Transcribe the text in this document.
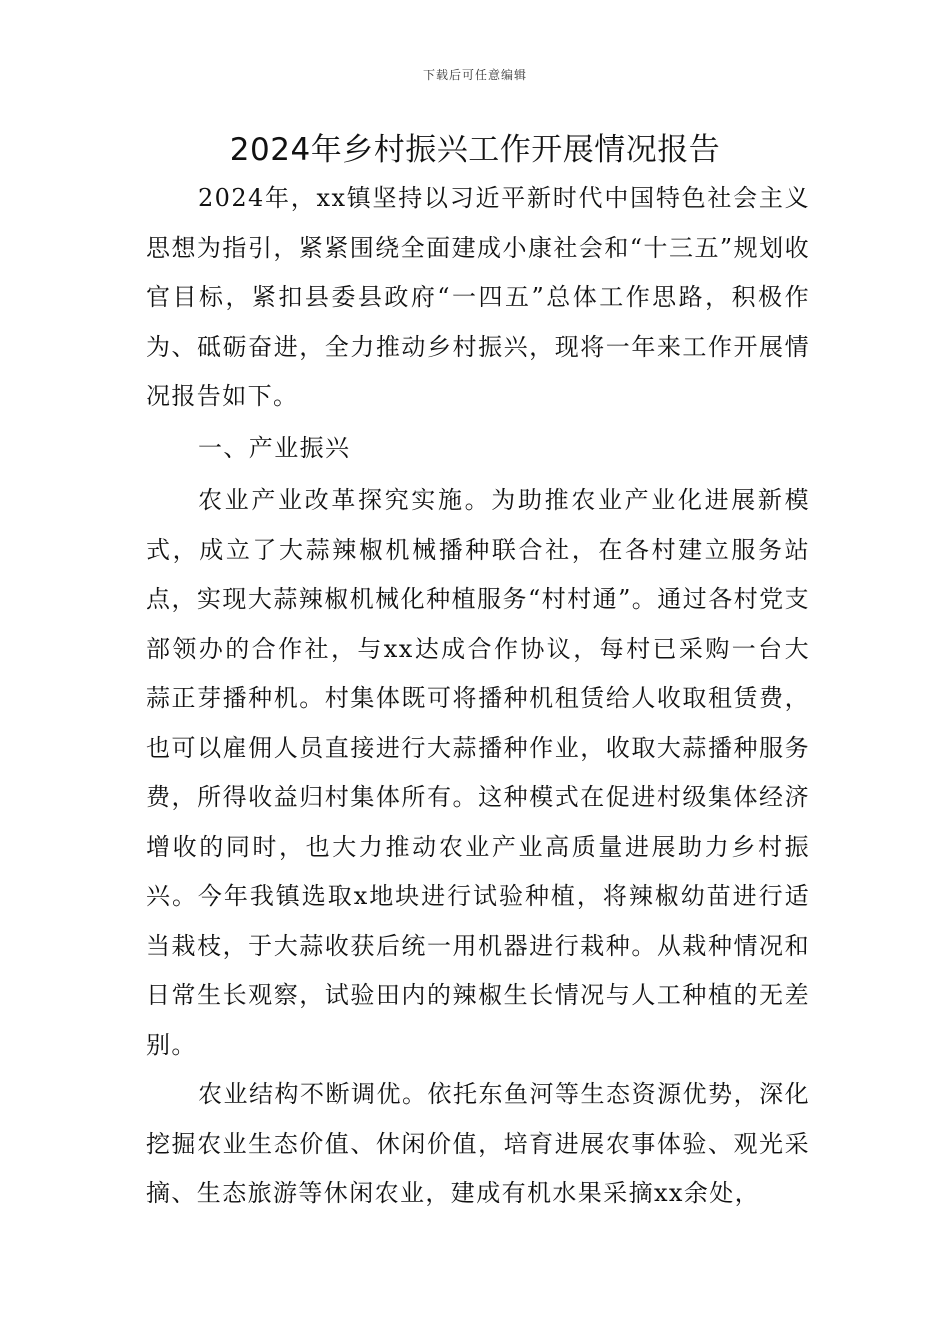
下载后可任意编辑
2024年乡村振兴工作开展情况报告

2024年，xx镇坚持以习近平新时代中国特色社会主义思想为指引，紧紧围绕全面建成小康社会和“十三五”规划收官目标，紧扣县委县政府“一四五”总体工作思路，积极作为、砥砺奋进，全力推动乡村振兴，现将一年来工作开展情况报告如下。

一、产业振兴

农业产业改革探究实施。为助推农业产业化进展新模式，成立了大蒜辣椒机械播种联合社，在各村建立服务站点，实现大蒜辣椒机械化种植服务“村村通”。通过各村党支部领办的合作社，与xx达成合作协议，每村已采购一台大蒜正芽播种机。村集体既可将播种机租赁给人收取租赁费，也可以雇佣人员直接进行大蒜播种作业，收取大蒜播种服务费，所得收益归村集体所有。这种模式在促进村级集体经济增收的同时，也大力推动农业产业高质量进展助力乡村振兴。今年我镇选取x地块进行试验种植，将辣椒幼苗进行适当栽枝，于大蒜收获后统一用机器进行栽种。从栽种情况和日常生长观察，试验田内的辣椒生长情况与人工种植的无差别。

农业结构不断调优。依托东鱼河等生态资源优势，深化挖掘农业生态价值、休闲价值，培育进展农事体验、观光采摘、生态旅游等休闲农业，建成有机水果采摘xx余处，
